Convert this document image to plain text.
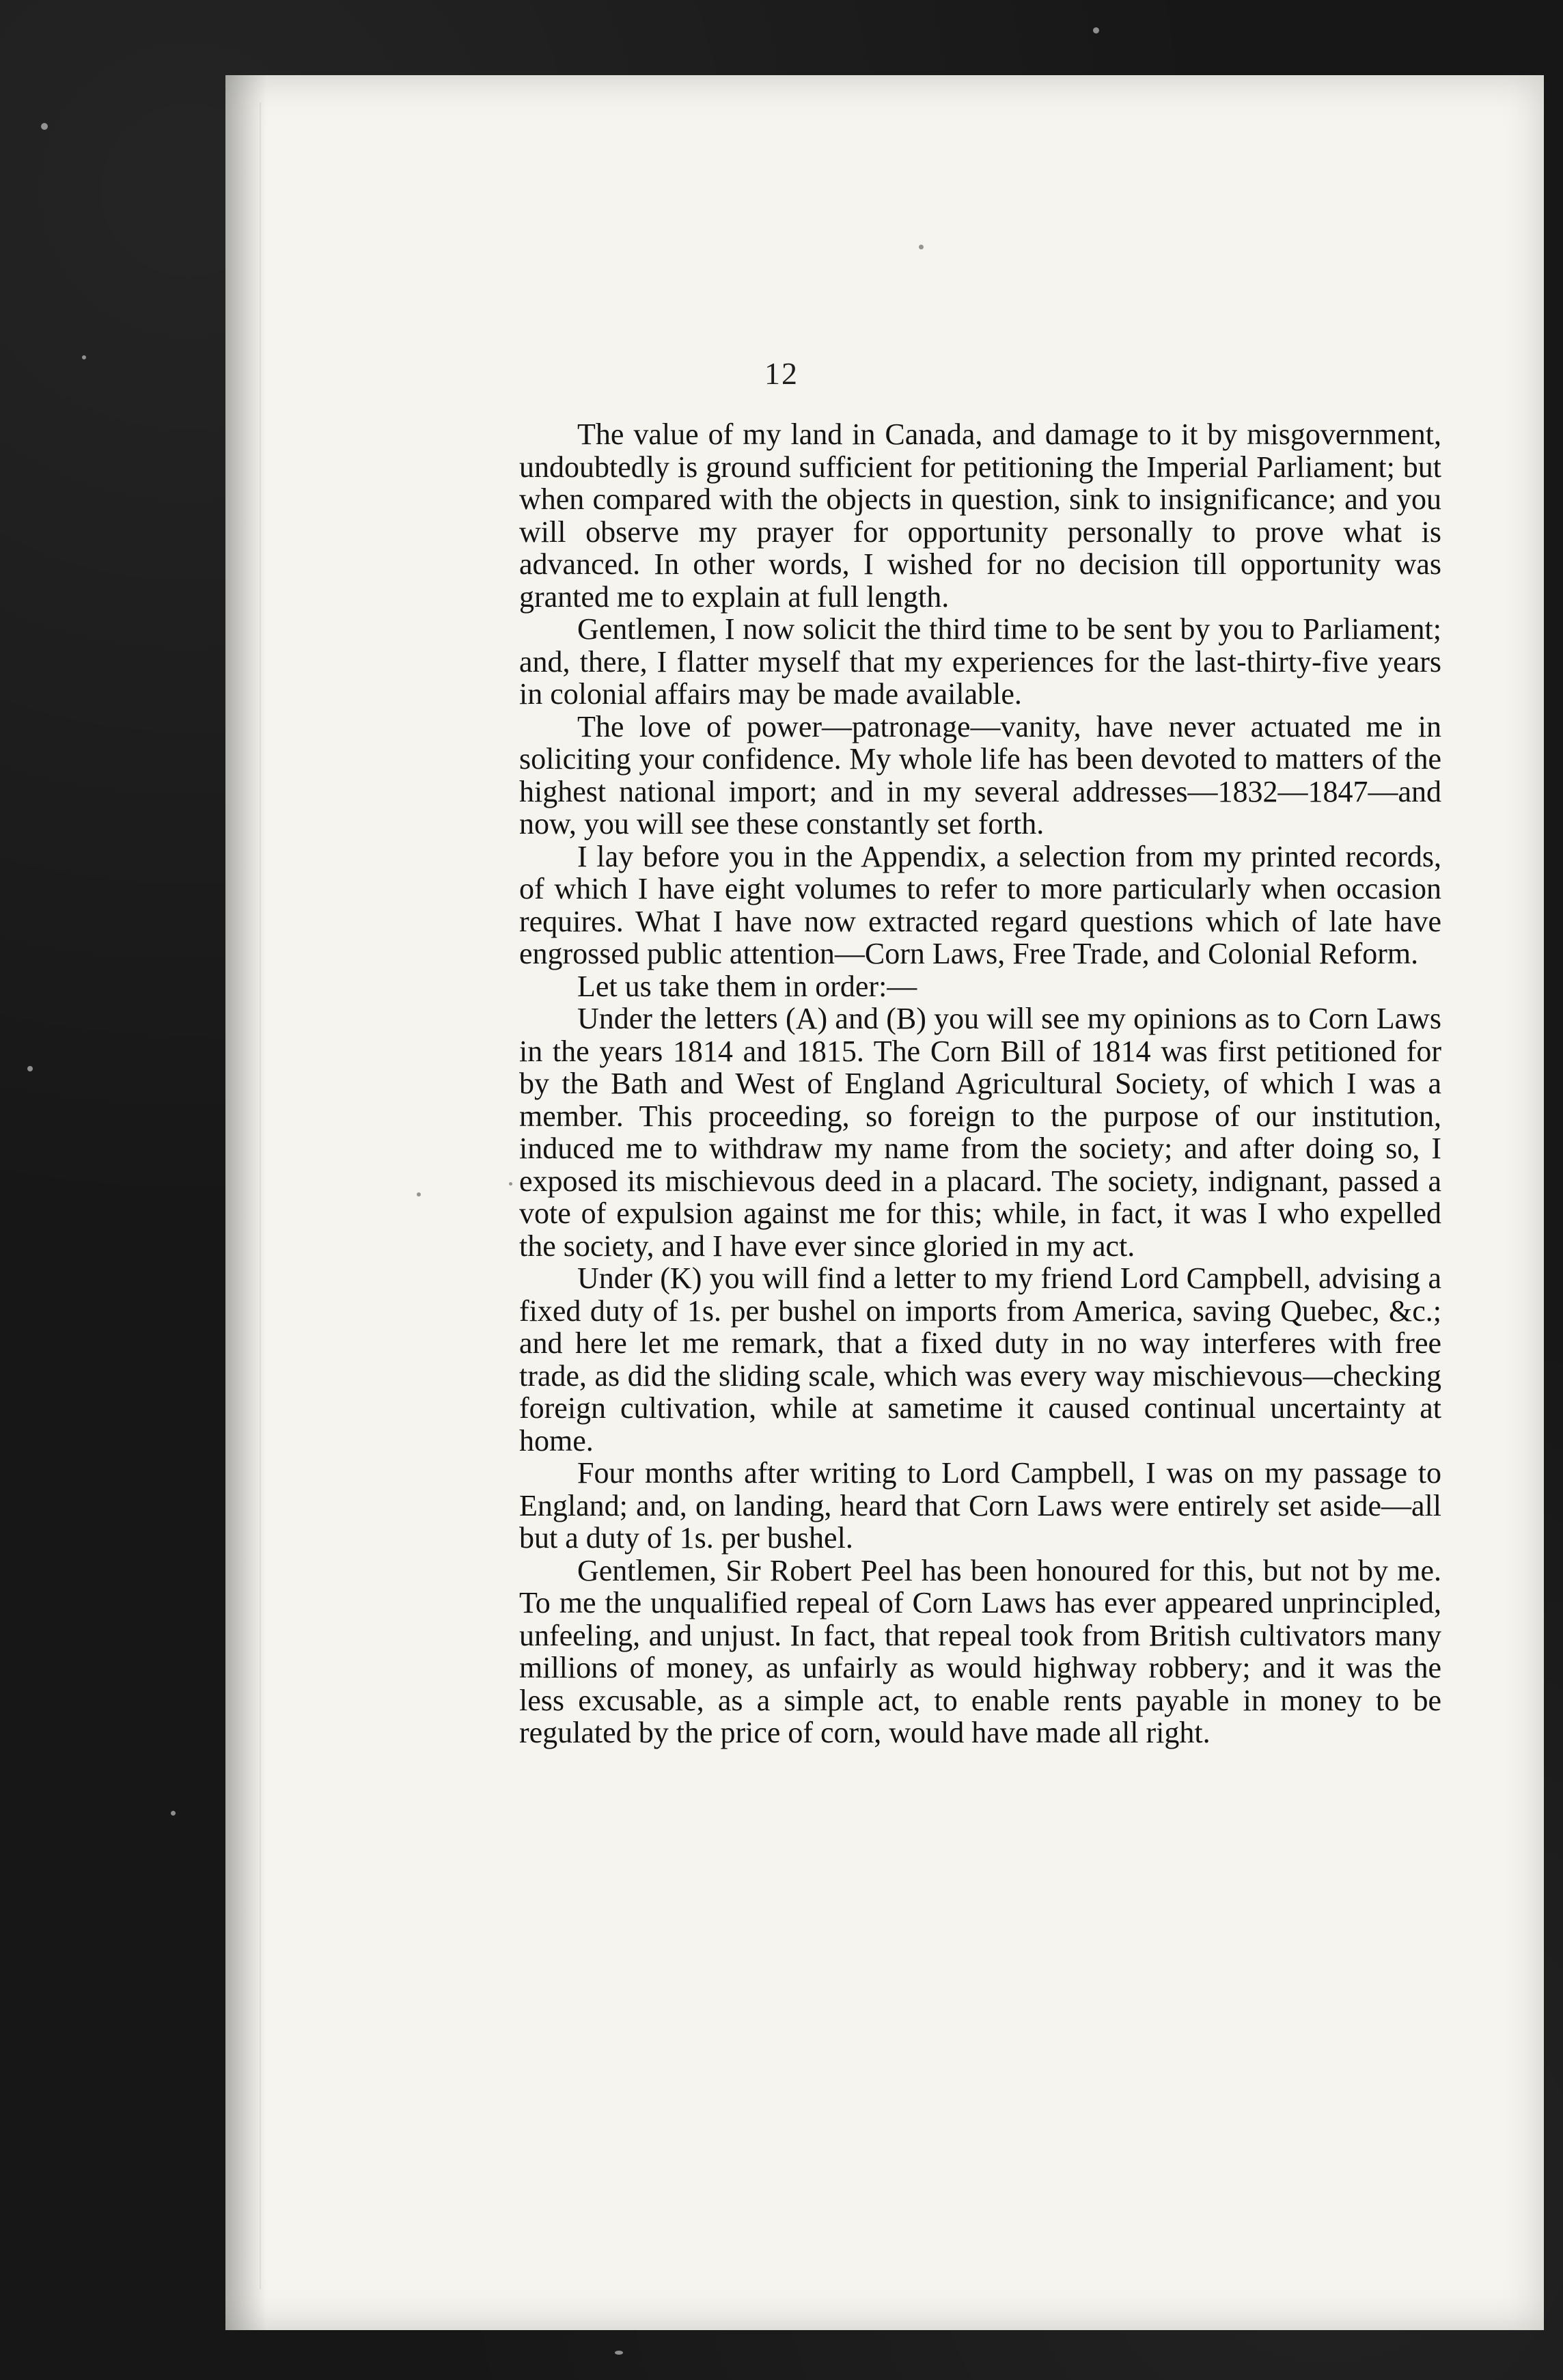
12

The value of my land in Canada, and damage to it by misgovernment, undoubtedly is ground sufficient for petitioning the Imperial Parliament; but when compared with the objects in question, sink to insignificance; and you will observe my prayer for opportunity personally to prove what is advanced. In other words, I wished for no decision till opportunity was granted me to explain at full length.

Gentlemen, I now solicit the third time to be sent by you to Parliament; and, there, I flatter myself that my experiences for the last-thirty-five years in colonial affairs may be made available.

The love of power—patronage—vanity, have never actuated me in soliciting your confidence. My whole life has been devoted to matters of the highest national import; and in my several addresses—1832—1847—and now, you will see these constantly set forth.

I lay before you in the Appendix, a selection from my printed records, of which I have eight volumes to refer to more particularly when occasion requires. What I have now extracted regard questions which of late have engrossed public attention—Corn Laws, Free Trade, and Colonial Reform.

Let us take them in order:—

Under the letters (A) and (B) you will see my opinions as to Corn Laws in the years 1814 and 1815. The Corn Bill of 1814 was first petitioned for by the Bath and West of England Agricultural Society, of which I was a member. This proceeding, so foreign to the purpose of our institution, induced me to withdraw my name from the society; and after doing so, I exposed its mischievous deed in a placard. The society, indignant, passed a vote of expulsion against me for this; while, in fact, it was I who expelled the society, and I have ever since gloried in my act.

Under (K) you will find a letter to my friend Lord Campbell, advising a fixed duty of 1s. per bushel on imports from America, saving Quebec, &c.; and here let me remark, that a fixed duty in no way interferes with free trade, as did the sliding scale, which was every way mischievous—checking foreign cultivation, while at sametime it caused continual uncertainty at home.

Four months after writing to Lord Campbell, I was on my passage to England; and, on landing, heard that Corn Laws were entirely set aside—all but a duty of 1s. per bushel.

Gentlemen, Sir Robert Peel has been honoured for this, but not by me. To me the unqualified repeal of Corn Laws has ever appeared unprincipled, unfeeling, and unjust. In fact, that repeal took from British cultivators many millions of money, as unfairly as would highway robbery; and it was the less excusable, as a simple act, to enable rents payable in money to be regulated by the price of corn, would have made all right.
